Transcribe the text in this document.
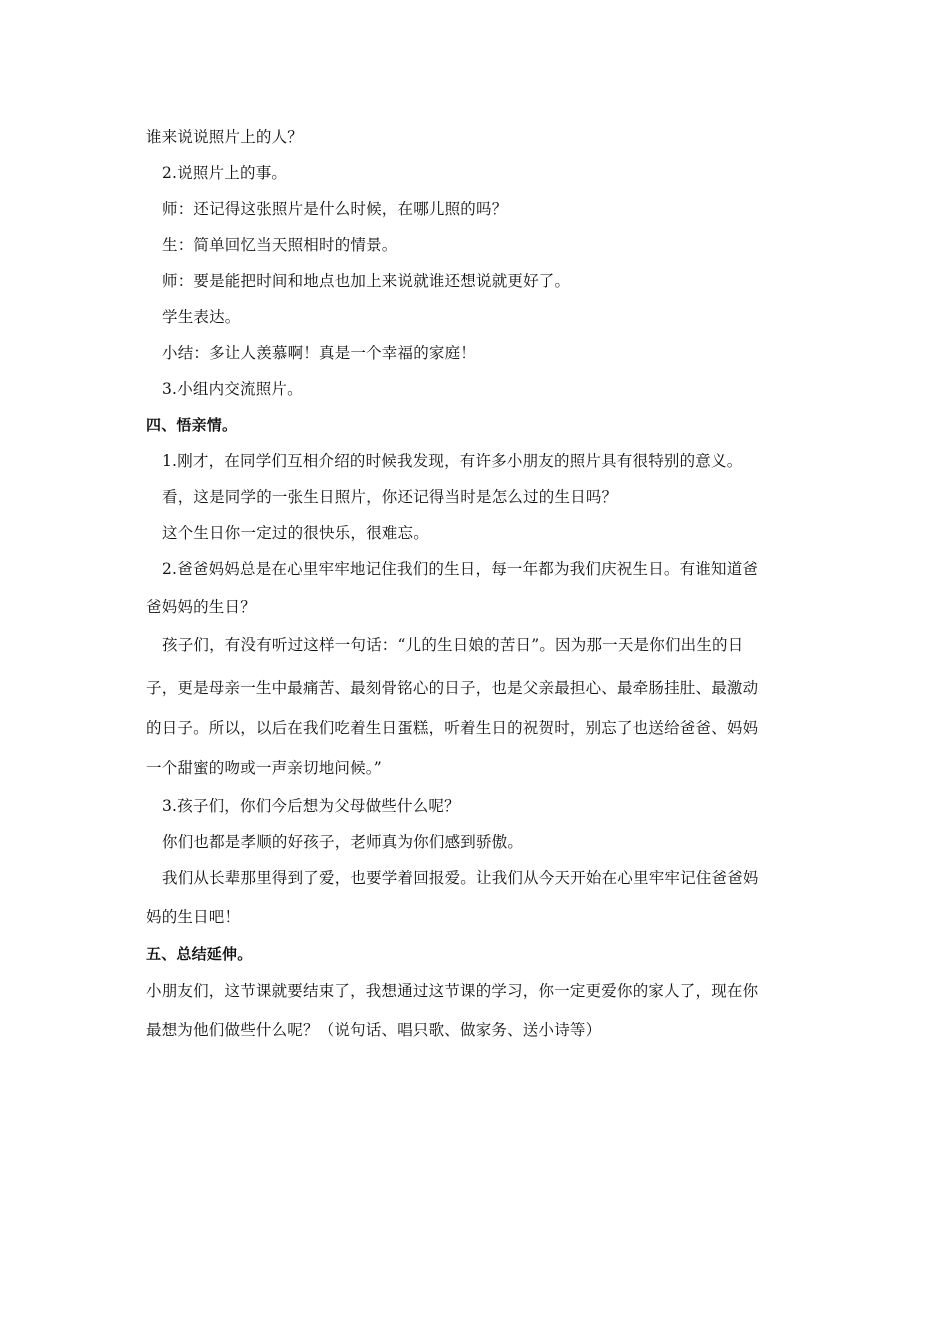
谁来说说照片上的人？
2.说照片上的事。
师：还记得这张照片是什么时候，在哪儿照的吗？
生：简单回忆当天照相时的情景。
师：要是能把时间和地点也加上来说就谁还想说就更好了。
学生表达。
小结：多让人羡慕啊！真是一个幸福的家庭！
3.小组内交流照片。
四、悟亲情。
1.刚才，在同学们互相介绍的时候我发现，有许多小朋友的照片具有很特别的意义。
看，这是同学的一张生日照片，你还记得当时是怎么过的生日吗？
这个生日你一定过的很快乐，很难忘。
2.爸爸妈妈总是在心里牢牢地记住我们的生日，每一年都为我们庆祝生日。有谁知道爸
爸妈妈的生日？
孩子们，有没有听过这样一句话：“儿的生日娘的苦日”。因为那一天是你们出生的日
子，更是母亲一生中最痛苦、最刻骨铭心的日子，也是父亲最担心、最牵肠挂肚、最激动
的日子。所以，以后在我们吃着生日蛋糕，听着生日的祝贺时，别忘了也送给爸爸、妈妈
一个甜蜜的吻或一声亲切地问候。”
3.孩子们，你们今后想为父母做些什么呢？
你们也都是孝顺的好孩子，老师真为你们感到骄傲。
我们从长辈那里得到了爱，也要学着回报爱。让我们从今天开始在心里牢牢记住爸爸妈
妈的生日吧！
五、总结延伸。
小朋友们，这节课就要结束了，我想通过这节课的学习，你一定更爱你的家人了，现在你
最想为他们做些什么呢？（说句话、唱只歌、做家务、送小诗等）
